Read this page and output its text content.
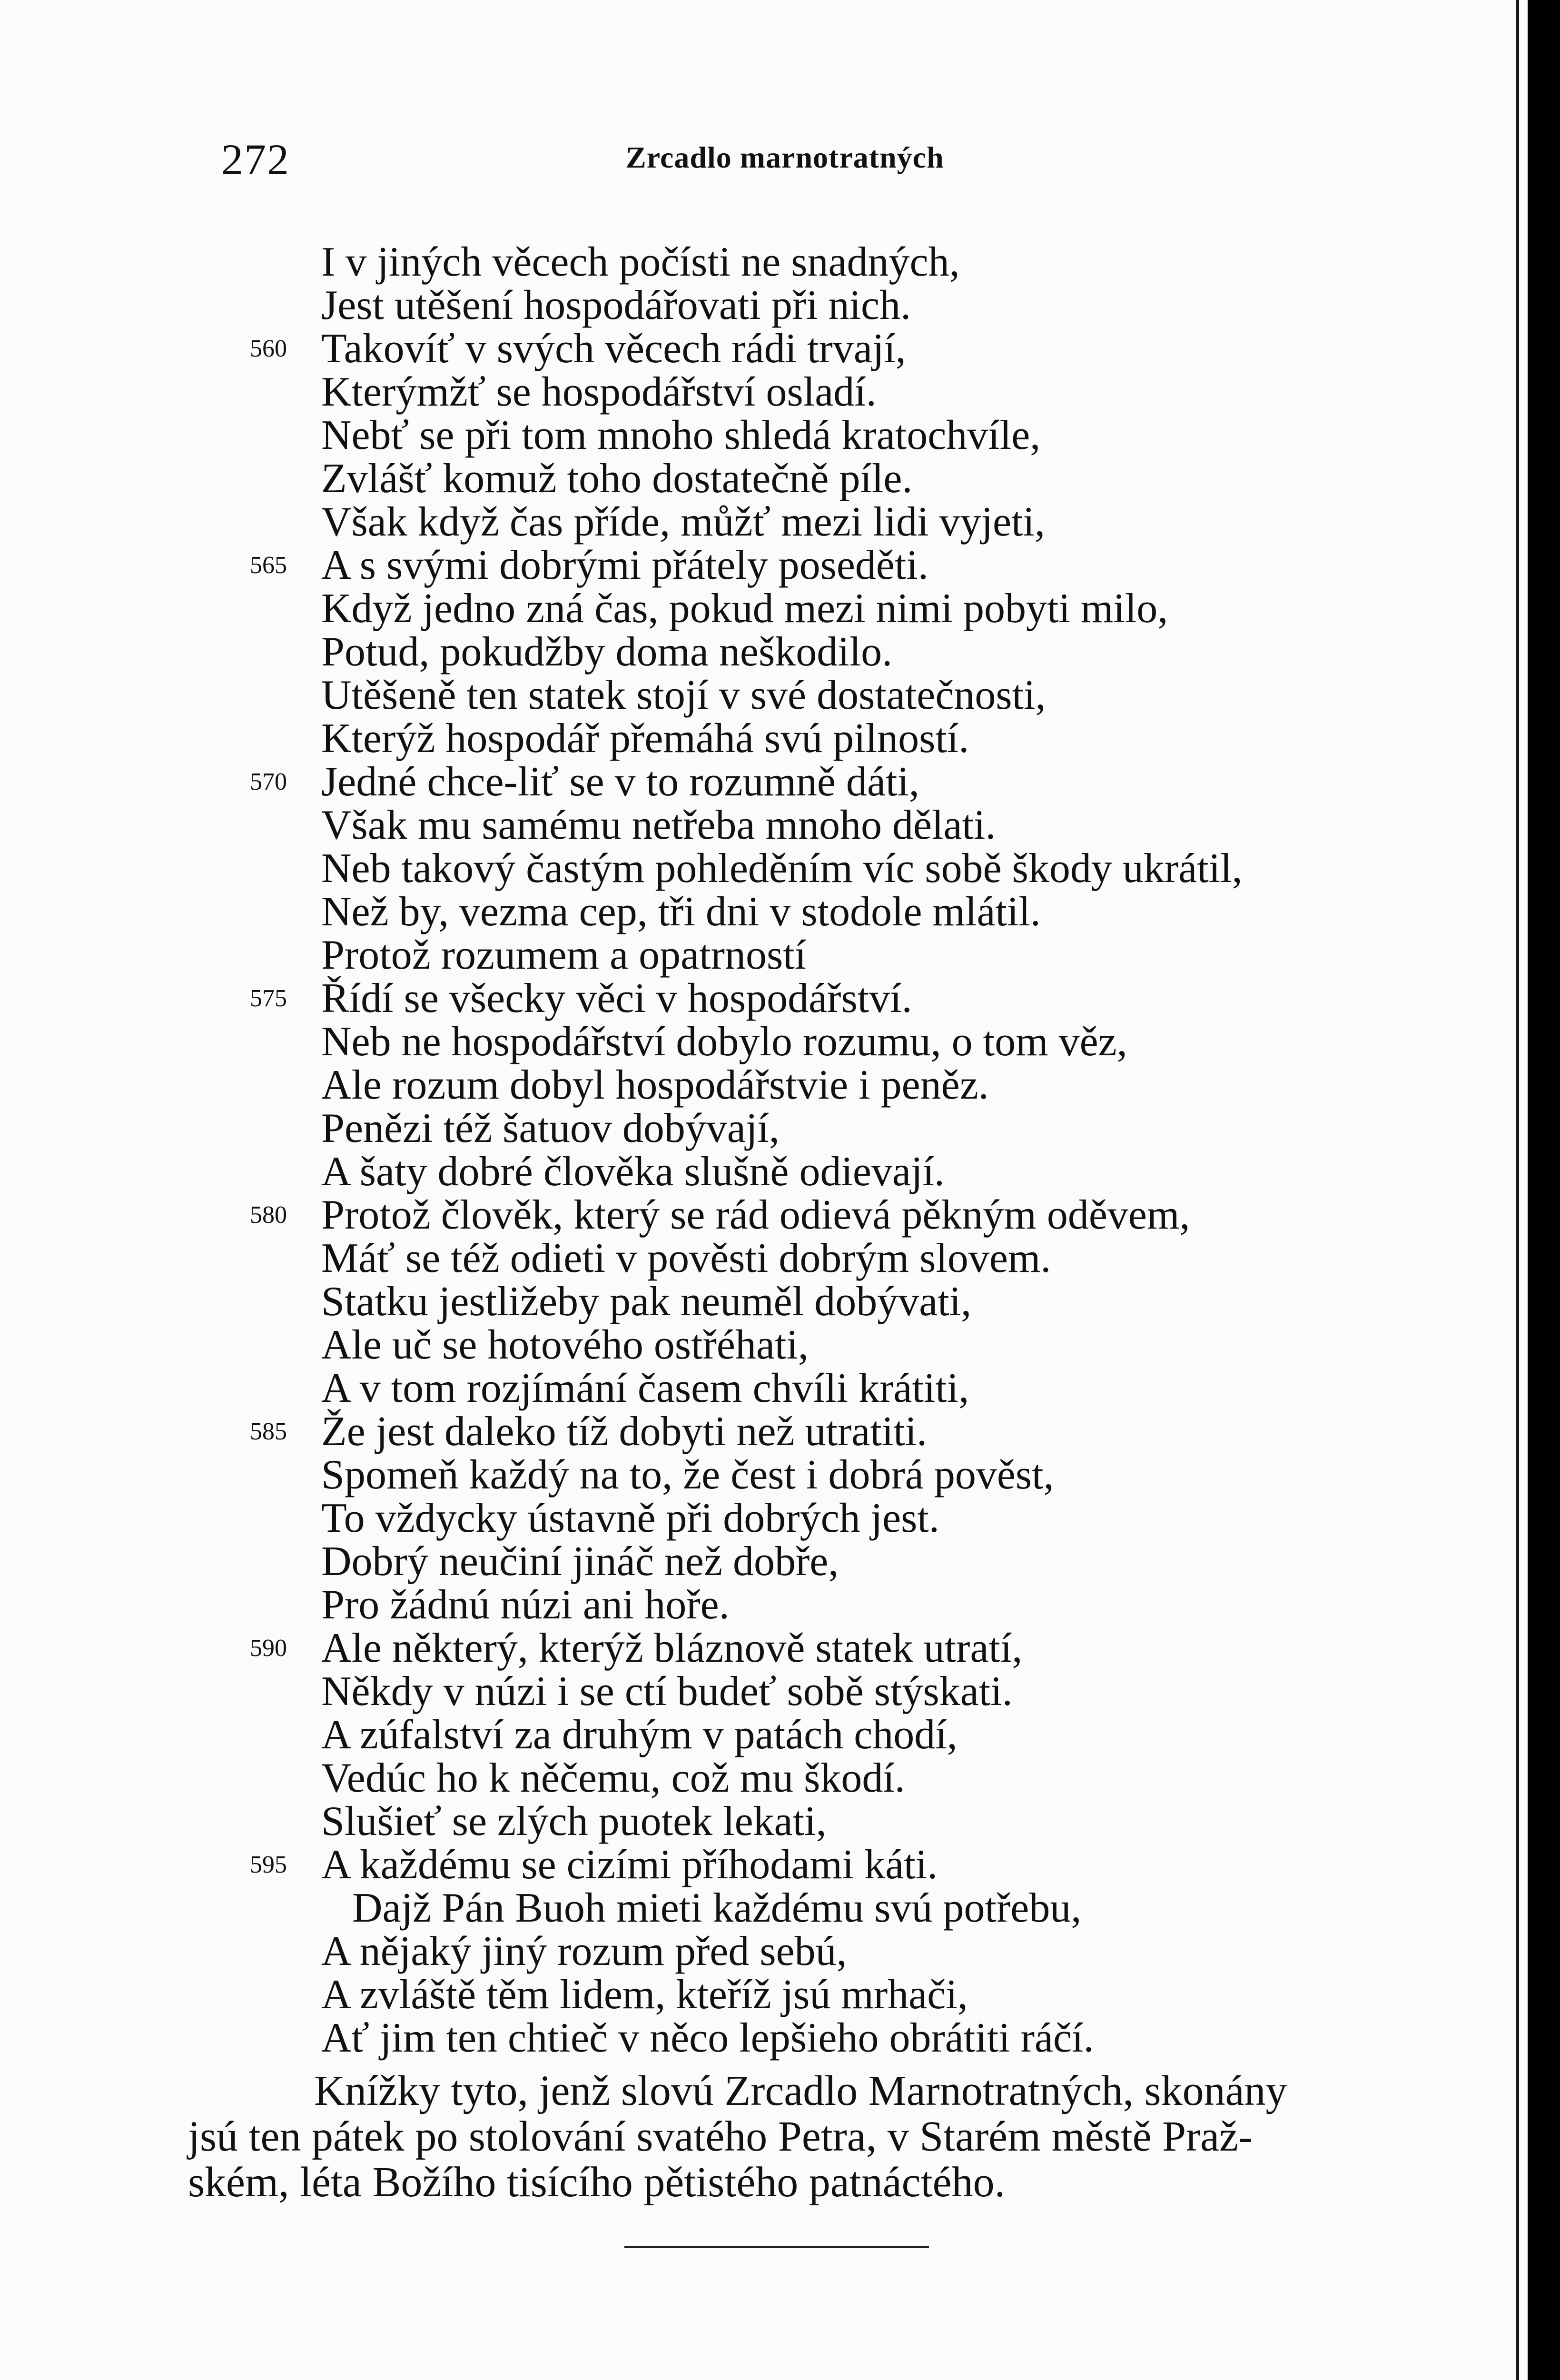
272	Zrcadlo marnotratných
I v jiných věcech počísti ne snadných,
Jest utěšení hospodářovati při nich.
560 Takovíť v svých věcech rádi trvají,
Kterýmžť se hospodářství osladí.
Nebť se při tom mnoho shledá kratochvíle,
Zvlášť komuž toho dostatečně píle.
Však když čas příde, můžť mezi lidi vyjeti,
565 A s svými dobrými přátely poseděti.
Když jedno zná čas, pokud mezi nimi pobyti milo,
Potud, pokudžby doma neškodilo.
Utěšeně ten statek stojí v své dostatečnosti,
Kterýž hospodář přemáhá svú pilností.
570 Jedné chce-liť se v to rozumně dáti,
Však mu samému netřeba mnoho dělati.
Neb takový častým pohleděním víc sobě škody ukrátil,
Než by, vezma cep, tři dni v stodole mlátil.
Protož rozumem a opatrností
575 Řídí se všecky věci v hospodářství.
Neb ne hospodářství dobylo rozumu, o tom věz,
Ale rozum dobyl hospodářstvie i peněz.
Penězi též šatuov dobývají,
A šaty dobré člověka slušně odievají.
580 Protož člověk, který se rád odievá pěkným oděvem,
Máť se též odieti v pověsti dobrým slovem.
Statku jestližeby pak neuměl dobývati,
Ale uč se hotového ostřéhati,
A v tom rozjímání časem chvíli krátiti,
585 Že jest daleko tíž dobyti než utratiti.
Spomeň každý na to, že čest i dobrá pověst,
To vždycky ústavně při dobrých jest.
Dobrý neučiní jináč než dobře,
Pro žádnú núzi ani hoře.
590 Ale některý, kterýž bláznově statek utratí,
Někdy v núzi i se ctí budeť sobě stýskati.
A zúfalství za druhým v patách chodí,
Vedúc ho k něčemu, což mu škodí.
Slušieť se zlých puotek lekati,
595 A každému se cizími příhodami káti.
Dajž Pán Buoh mieti každému svú potřebu,
A nějaký jiný rozum před sebú,
A zvláště těm lidem, kteříž jsú mrhači,
Ať jim ten chtieč v něco lepšieho obrátiti ráčí.
Knížky tyto, jenž slovú Zrcadlo Marnotratných, skonány
jsú ten pátek po stolování svatého Petra, v Starém městě Praž-
ském, léta Božího tisícího pětistého patnáctého.
